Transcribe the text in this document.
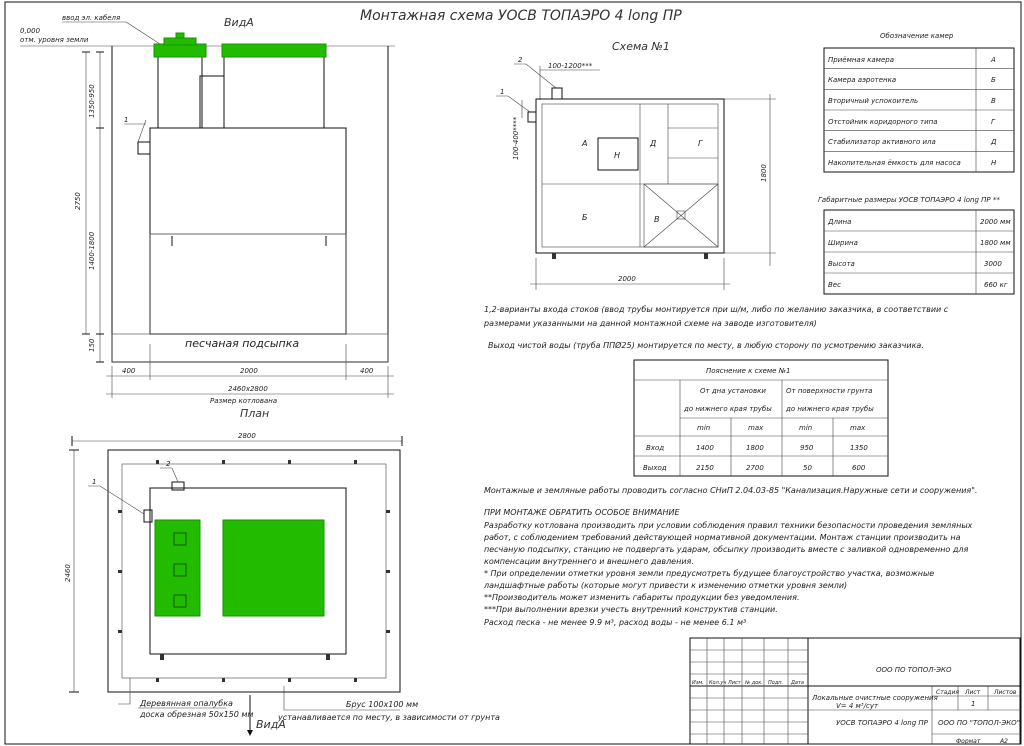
Монтажная схема УОСВ ТОПАЭРО 4 long ПР
ВидА
0,000
отм. уровня земли
ввод эл. кабеля
песчаная подсыпка
1
1350-950
2750
1400-1800
150
400	2000	400
2460x2800
Размер котлована
План
2800
2460
1
2
Деревянная опалубка
доска обрезная 50х150 мм
Брус 100х100 мм
устанавливается по месту, в зависимости от грунта
ВидА
Схема №1
100-1200***
2
1
100-400****	А
Н
Д	Г
Б	В
1800
2000
Обозначение камер
Приёмная камера	А
Камера аэротенка	Б
Вторичный успокоитель	В
Отстойник коридорного типа	Г
Стабилизатор активного ила	Д
Накопительная ёмкость для насоса	Н
Габаритные размеры УОСВ ТОПАЭРО 4 long ПР **
Длина	2000 мм
Ширина	1800 мм
Высота	3000
Вес	660 кг
1,2-варианты входа стоков (ввод трубы монтируется при ш/м, либо по желанию заказчика, в соответствии с
размерами указанными на данной монтажной схеме на заводе изготовителя)
Выход чистой воды (труба ППØ25) монтируется по месту, в любую сторону по усмотрению заказчика.
Пояснение к схеме №1
От дна установки	От поверхности грунта
до нижнего края трубы до нижнего края трубы
min	max	min	max
Вход	1400	1800	950	1350
Выход	2150	2700	50	600
Монтажные и земляные работы проводить согласно СНиП 2.04.03-85 "Канализация.Наружные сети и сооружения".
ПРИ МОНТАЖЕ ОБРАТИТЬ ОСОБОЕ ВНИМАНИЕ
Разработку котлована производить при условии соблюдения правил техники безопасности проведения земляных
работ, с соблюдением требований действующей нормативной документации. Монтаж станции производить на
песчаную подсыпку, станцию не подвергать ударам, обсыпку производить вместе с заливкой одновременно для
компенсации внутреннего и внешнего давления.
* При определении отметки уровня земли предусмотреть будущее благоустройство участка, возможные
ландшафтные работы (которые могут привести к изменению отметки уровня земли)
**Производитель может изменить габариты продукции без уведомления.
***При выполнении врезки учесть внутренний конструктив станции.
Расход песка - не менее 9.9 м³, расход воды - не менее 6.1 м³
Изм. Кол.уч Лист № док. Подп. Дата
ООО ПО ТОПОЛ-ЭКО
Локальные очистные сооружения
V= 4 м³/сут
Стадия Лист Листов
1
УОСВ ТОПАЭРО 4 long ПР ООО ПО "ТОПОЛ-ЭКО"
Формат	А2
